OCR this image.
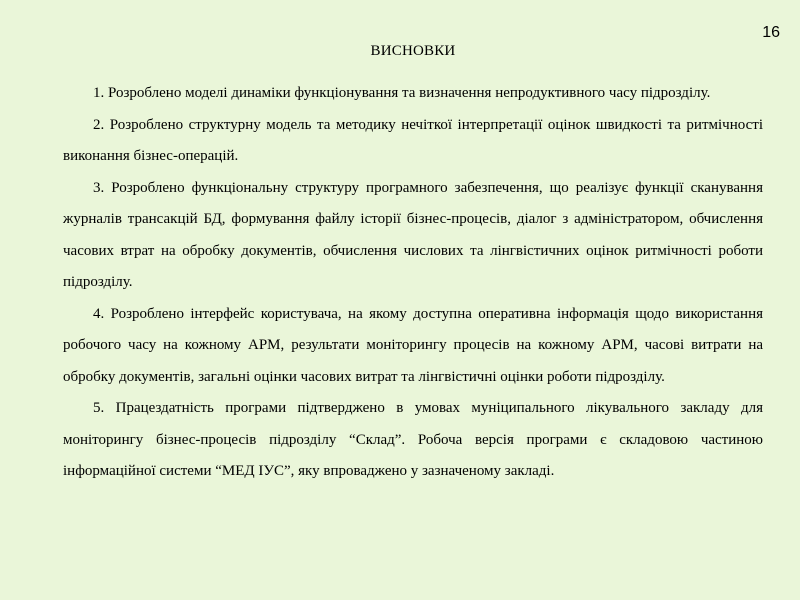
16
ВИСНОВКИ

1. Розроблено моделі динаміки функціонування та визначення непродуктивного часу підрозділу.

2. Розроблено структурну модель та методику нечіткої інтерпретації оцінок швидкості та ритмічності виконання бізнес-операцій.

3. Розроблено функціональну структуру програмного забезпечення, що реалізує функції сканування журналів трансакцій БД, формування файлу історії бізнес-процесів, діалог з адміністратором, обчислення часових втрат на обробку документів, обчислення числових та лінгвістичних оцінок ритмічності роботи підрозділу.

4. Розроблено інтерфейс користувача, на якому доступна оперативна інформація щодо використання робочого часу на кожному АРМ, результати моніторингу процесів на кожному АРМ, часові витрати на обробку документів, загальні оцінки часових витрат та лінгвістичні оцінки роботи підрозділу.

5. Працездатність програми підтверджено в умовах муніципального лікувального закладу для моніторингу бізнес-процесів підрозділу “Склад”. Робоча версія програми є складовою частиною інформаційної системи “МЕД ІУС”, яку впроваджено у зазначеному закладі.
